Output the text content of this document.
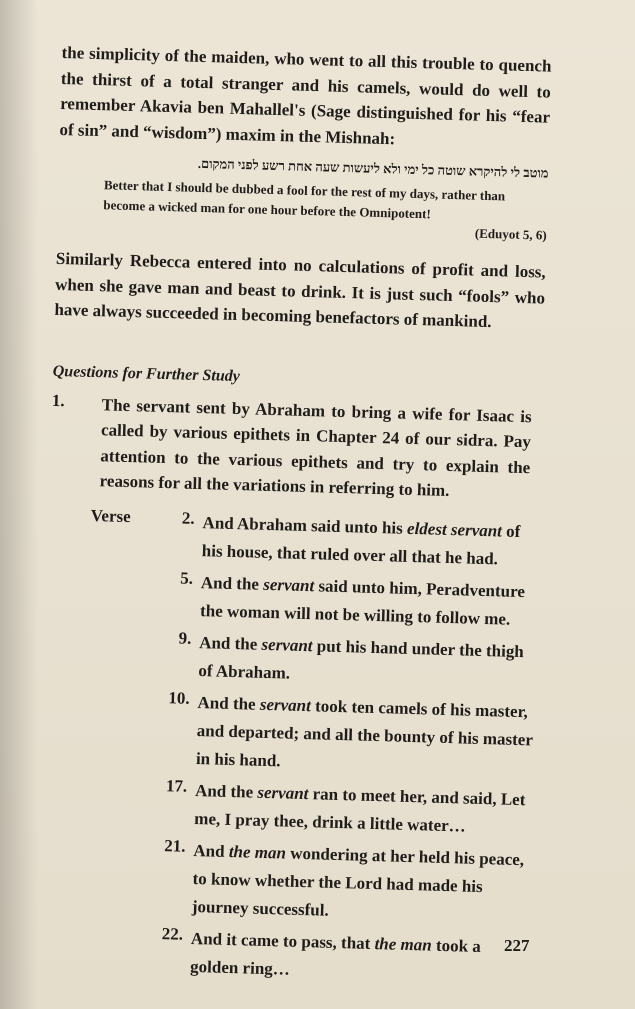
the simplicity of the maiden, who went to all this trouble to quench the thirst of a total stranger and his camels, would do well to remember Akavia ben Mahallel's (Sage distinguished for his “fear of sin” and “wisdom”) maxim in the Mishnah:

מוטב לי להיקרא שוטה כל ימי ולא ליעשות שעה אחת רשע לפני המקום.

Better that I should be dubbed a fool for the rest of my days, rather than become a wicked man for one hour before the Omnipotent!

(Eduyot 5, 6)

Similarly Rebecca entered into no calculations of profit and loss, when she gave man and beast to drink. It is just such “fools” who have always succeeded in becoming benefactors of mankind.

Questions for Further Study
1.	The servant sent by Abraham to bring a wife for Isaac is called by various epithets in Chapter 24 of our sidra. Pay attention to the various epithets and try to explain the reasons for all the variations in referring to him.
Verse	2. And Abraham said unto his eldest servant of his house, that ruled over all that he had.
5. And the servant said unto him, Peradventure the woman will not be willing to follow me.
9. And the servant put his hand under the thigh of Abraham.
10. And the servant took ten camels of his master, and departed; and all the bounty of his master in his hand.
17. And the servant ran to meet her, and said, Let me, I pray thee, drink a little water…
21. And the man wondering at her held his peace, to know whether the Lord had made his journey successful.
22. And it came to pass, that the man took a golden ring…
227
